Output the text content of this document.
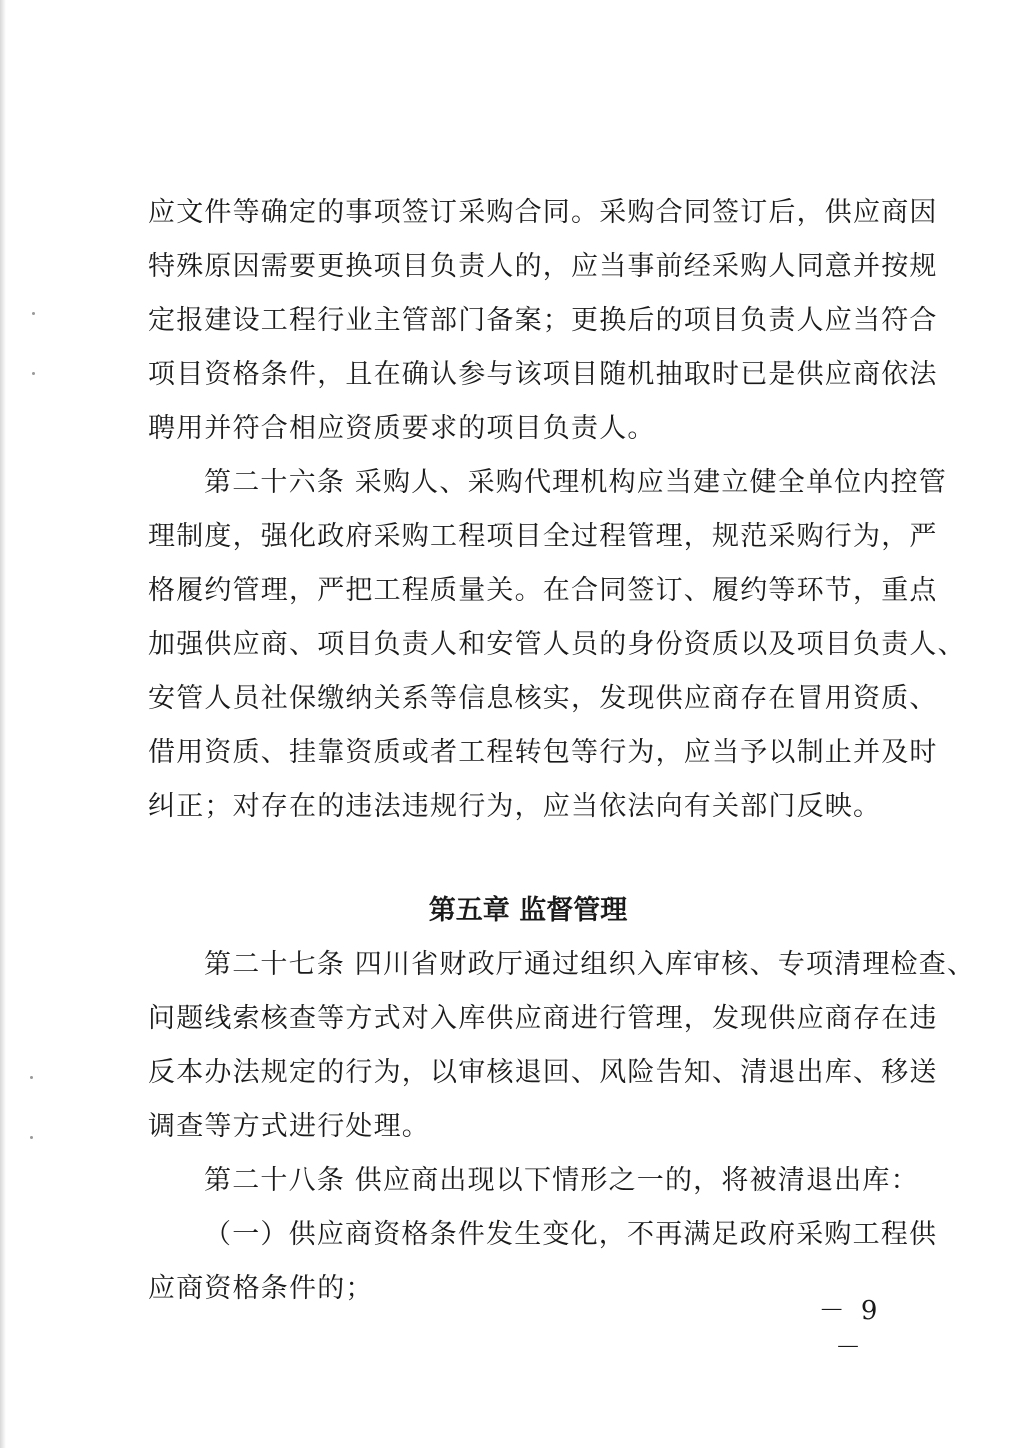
应文件等确定的事项签订采购合同。采购合同签订后，供应商因
特殊原因需要更换项目负责人的，应当事前经采购人同意并按规
定报建设工程行业主管部门备案；更换后的项目负责人应当符合
项目资格条件，且在确认参与该项目随机抽取时已是供应商依法
聘用并符合相应资质要求的项目负责人。
第二十六条 采购人、采购代理机构应当建立健全单位内控管
理制度，强化政府采购工程项目全过程管理，规范采购行为，严
格履约管理，严把工程质量关。在合同签订、履约等环节，重点
加强供应商、项目负责人和安管人员的身份资质以及项目负责人、
安管人员社保缴纳关系等信息核实，发现供应商存在冒用资质、
借用资质、挂靠资质或者工程转包等行为，应当予以制止并及时
纠正；对存在的违法违规行为，应当依法向有关部门反映。
第五章 监督管理
第二十七条 四川省财政厅通过组织入库审核、专项清理检查、
问题线索核查等方式对入库供应商进行管理，发现供应商存在违
反本办法规定的行为，以审核退回、风险告知、清退出库、移送
调查等方式进行处理。
第二十八条 供应商出现以下情形之一的，将被清退出库：
（一）供应商资格条件发生变化，不再满足政府采购工程供
应商资格条件的；
－ 9 －
